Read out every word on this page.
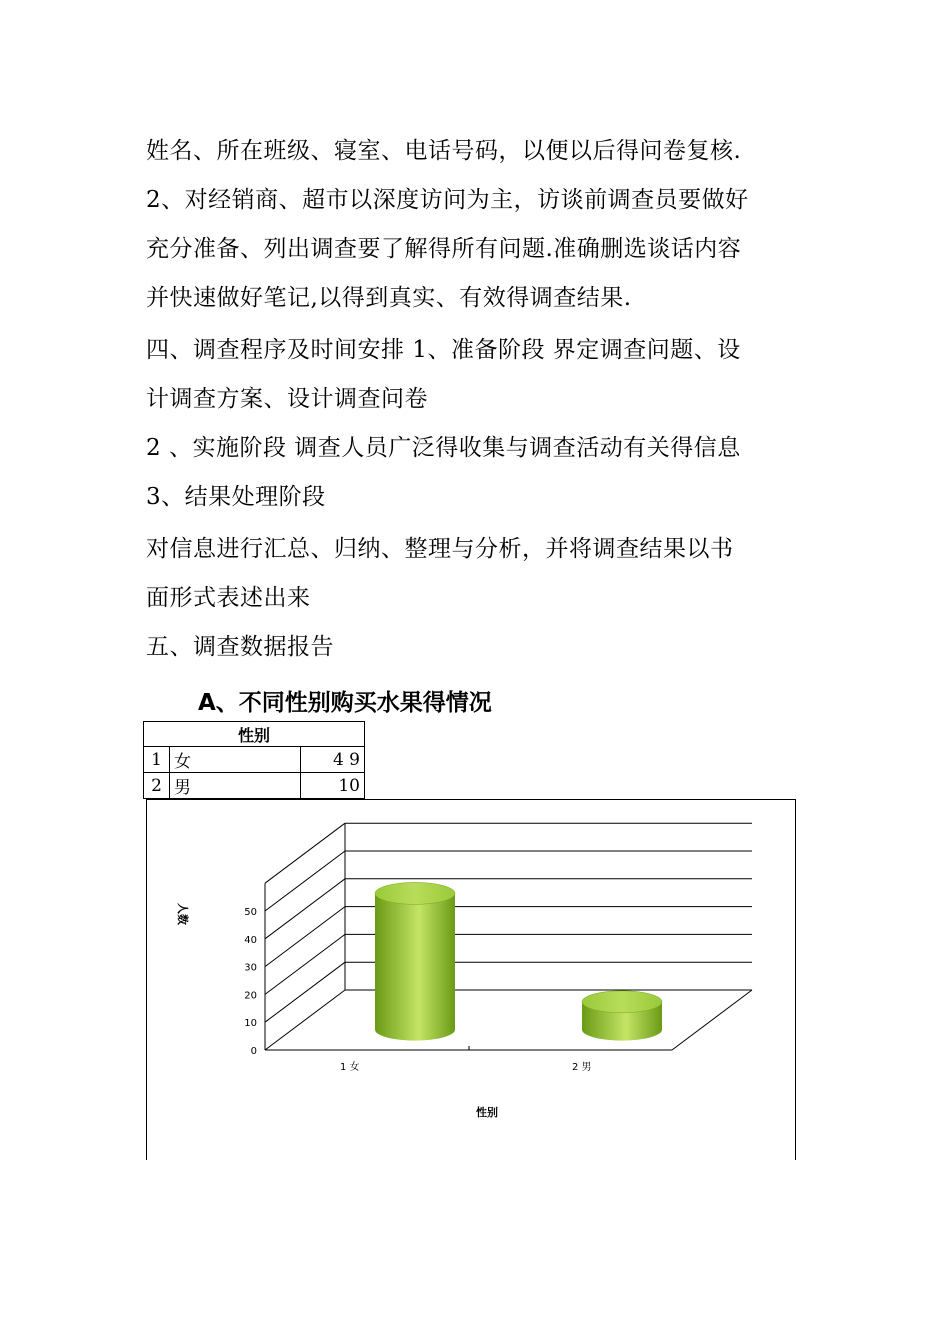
姓名、所在班级、寝室、电话号码，以便以后得问卷复核.
2、对经销商、超市以深度访问为主，访谈前调查员要做好
充分准备、列出调查要了解得所有问题.准确删选谈话内容
并快速做好笔记,以得到真实、有效得调查结果.
四、调查程序及时间安排 1、准备阶段 界定调查问题、设
计调查方案、设计调查问卷
2 、实施阶段 调查人员广泛得收集与调查活动有关得信息
3、结果处理阶段
对信息进行汇总、归纳、整理与分析，并将调查结果以书
面形式表述出来
五、调查数据报告
A、不同性别购买水果得情况
性别		
1	女	4 9
2	男	10
人数
性别
0
10
20
30
40
50
1 女	2 男
